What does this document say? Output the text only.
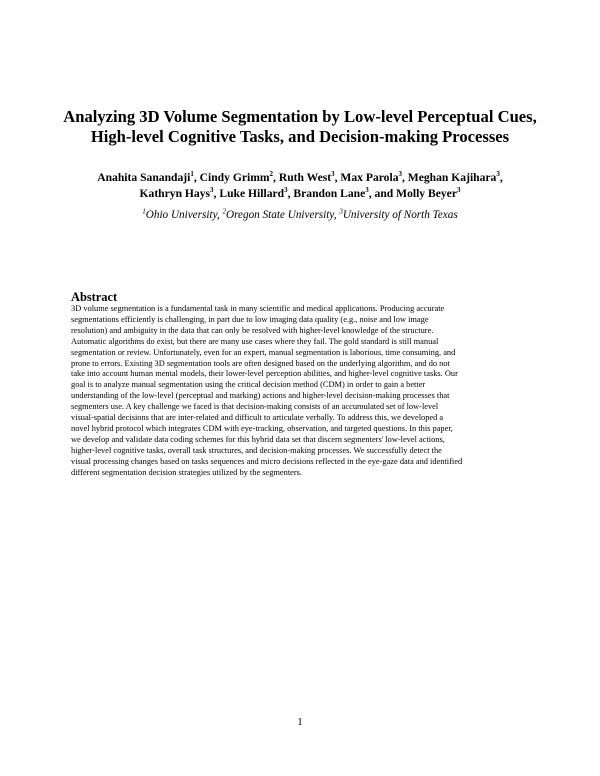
Analyzing 3D Volume Segmentation by Low-level Perceptual Cues,
High-level Cognitive Tasks, and Decision-making Processes
Anahita Sanandaji$^1$, Cindy Grimm$^2$, Ruth West$^3$, Max Parola$^3$, Meghan Kajihara$^3$,
Kathryn Hays$^3$, Luke Hillard$^3$, Brandon Lane$^3$, and Molly Beyer$^3$
$^1$Ohio University, $^2$Oregon State University, $^3$University of North Texas
Abstract
3D volume segmentation is a fundamental task in many scientific and medical applications. Producing accurate
segmentations efficiently is challenging, in part due to low imaging data quality (e.g., noise and low image
resolution) and ambiguity in the data that can only be resolved with higher-level knowledge of the structure.
Automatic algorithms do exist, but there are many use cases where they fail. The gold standard is still manual
segmentation or review. Unfortunately, even for an expert, manual segmentation is laborious, time consuming, and
prone to errors. Existing 3D segmentation tools are often designed based on the underlying algorithm, and do not
take into account human mental models, their lower-level perception abilities, and higher-level cognitive tasks. Our
goal is to analyze manual segmentation using the critical decision method (CDM) in order to gain a better
understanding of the low-level (perceptual and marking) actions and higher-level decision-making processes that
segmenters use. A key challenge we faced is that decision-making consists of an accumulated set of low-level
visual-spatial decisions that are inter-related and difficult to articulate verbally. To address this, we developed a
novel hybrid protocol which integrates CDM with eye-tracking, observation, and targeted questions. In this paper,
we develop and validate data coding schemes for this hybrid data set that discern segmenters' low-level actions,
higher-level cognitive tasks, overall task structures, and decision-making processes. We successfully detect the
visual processing changes based on tasks sequences and micro decisions reflected in the eye-gaze data and identified
different segmentation decision strategies utilized by the segmenters.
1
